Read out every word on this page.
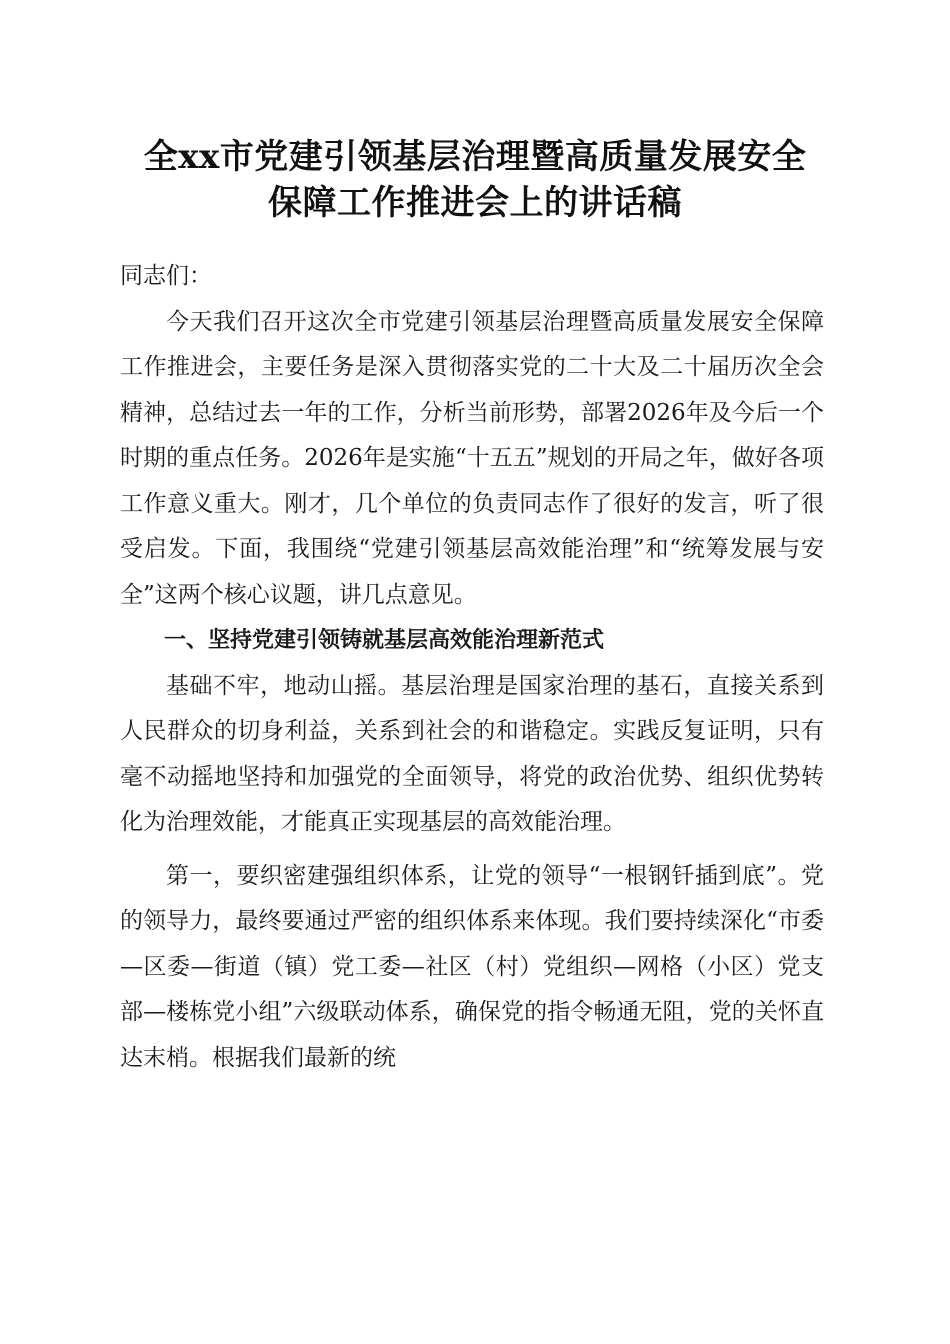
全xx市党建引领基层治理暨高质量发展安全
保障工作推进会上的讲话稿

同志们：

今天我们召开这次全市党建引领基层治理暨高质量发展安全保障工作推进会，主要任务是深入贯彻落实党的二十大及二十届历次全会精神，总结过去一年的工作，分析当前形势，部署2026年及今后一个时期的重点任务。2026年是实施“十五五”规划的开局之年，做好各项工作意义重大。刚才，几个单位的负责同志作了很好的发言，听了很受启发。下面，我围绕“党建引领基层高效能治理”和“统筹发展与安全”这两个核心议题，讲几点意见。

一、坚持党建引领铸就基层高效能治理新范式

基础不牢，地动山摇。基层治理是国家治理的基石，直接关系到人民群众的切身利益，关系到社会的和谐稳定。实践反复证明，只有毫不动摇地坚持和加强党的全面领导，将党的政治优势、组织优势转化为治理效能，才能真正实现基层的高效能治理。

第一，要织密建强组织体系，让党的领导“一根钢钎插到底”。党的领导力，最终要通过严密的组织体系来体现。我们要持续深化“市委—区委—街道（镇）党工委—社区（村）党组织—网格（小区）党支部—楼栋党小组”六级联动体系，确保党的指令畅通无阻，党的关怀直达末梢。根据我们最新的统
